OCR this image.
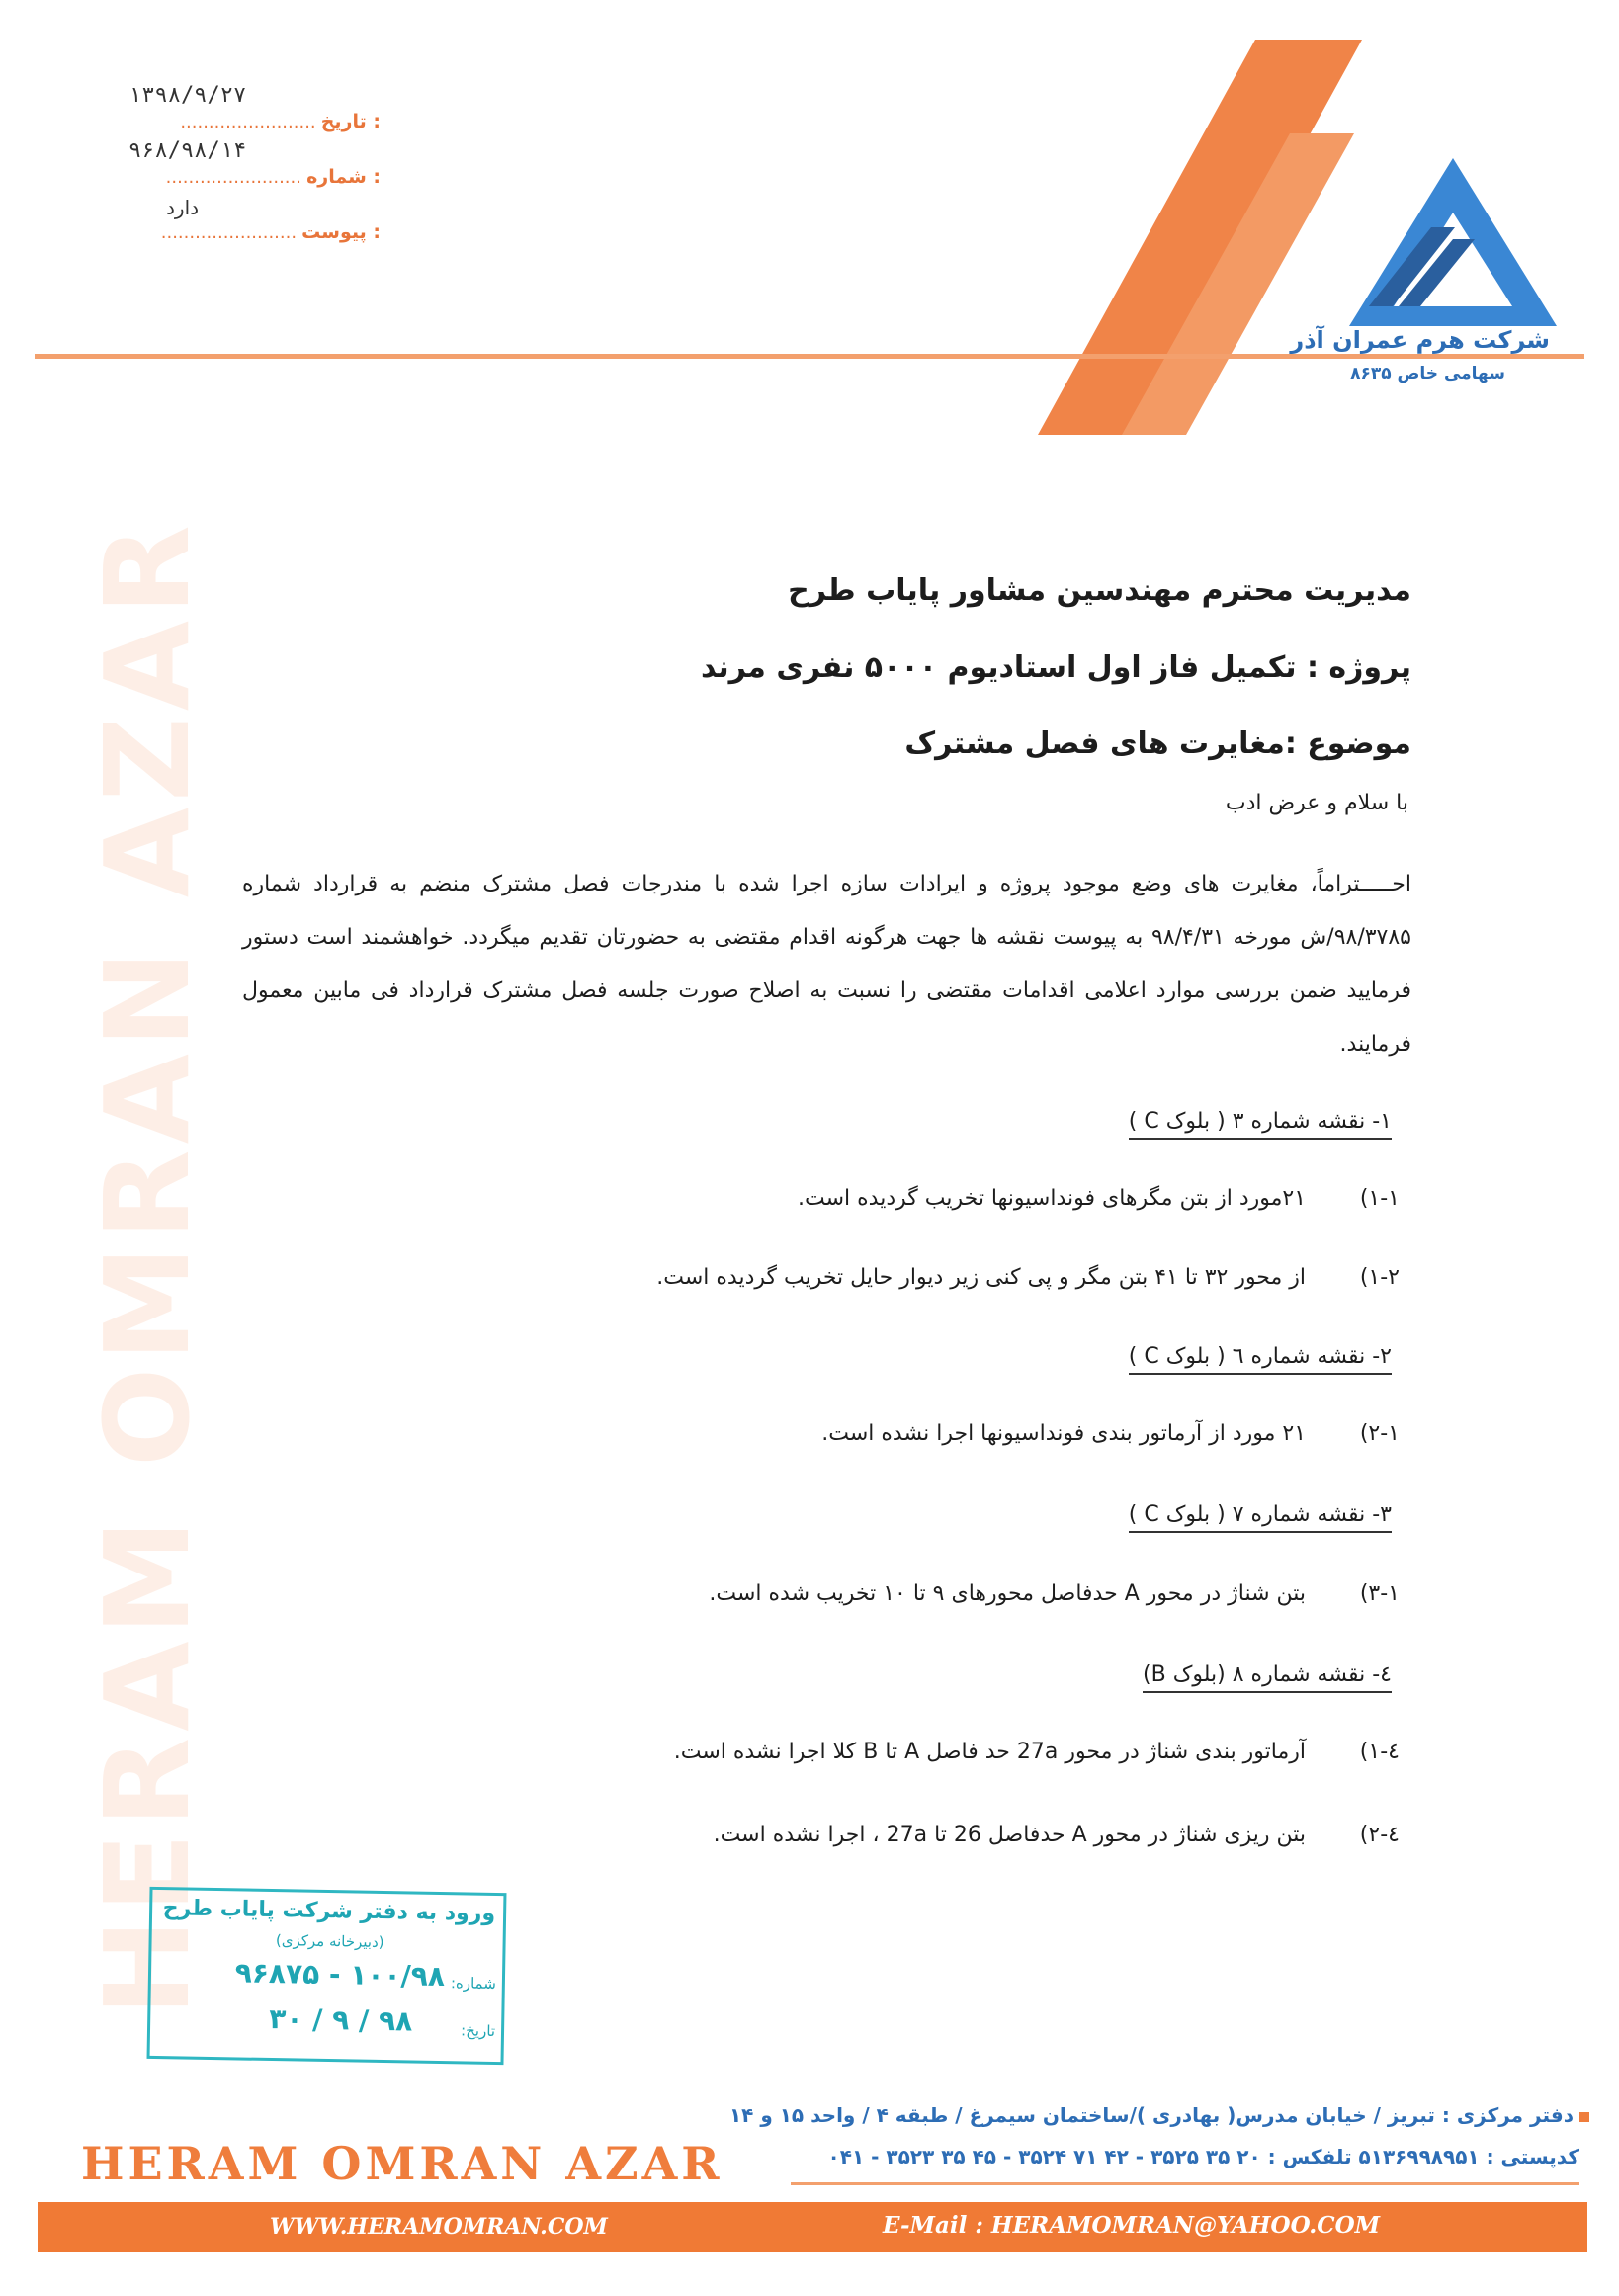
۱۳۹۸/۹/۲۷
........................ تاریخ :
۹۶۸/۹۸/۱۴
........................ شماره :
دارد
........................ پیوست :
شرکت هرم عمران آذر
سهامی خاص ۸۶۳۵
HERAM OMRAN AZAR	مدیریت محترم مهندسین مشاور پایاب طرح
پروژه : تکمیل فاز اول استادیوم ۵۰۰۰ نفری مرند
موضوع :مغایرت های فصل مشترک
با سلام و عرض ادب
احـــــتراماً، مغایرت های وضع موجود پروژه و ایرادات سازه اجرا شده با مندرجات فصل مشترک منضم به قرارداد شماره ۹۸/۳۷۸۵/ش مورخه ۹۸/۴/۳۱ به پیوست نقشه ها جهت هرگونه اقدام مقتضی به حضورتان تقدیم میگردد. خواهشمند است دستور فرمایید ضمن بررسی موارد اعلامی اقدامات مقتضی را نسبت به اصلاح صورت جلسه فصل مشترک قرارداد فی مابین معمول فرمایند.
۱- نقشه شماره ۳ ( بلوک C )
۱-۱)     ۲۱مورد از بتن مگرهای فونداسیونها تخریب گردیده است.
۱-۲)     از محور ۳۲ تا ۴۱ بتن مگر و پی کنی زیر دیوار حایل تخریب گردیده است.
۲- نقشه شماره ٦ ( بلوک C )
۲-۱)     ۲۱ مورد از آرماتور بندی فونداسیونها اجرا نشده است.
۳- نقشه شماره ۷ ( بلوک C )
۳-۱)     بتن شناژ در محور A حدفاصل محورهای ۹ تا ۱۰ تخریب شده است.
٤- نقشه شماره ۸ (بلوک B)
٤-۱)     آرماتور بندی شناژ در محور 27a حد فاصل A تا B کلا اجرا نشده است.
٤-۲)     بتن ریزی شناژ در محور A حدفاصل 26 تا 27a ، اجرا نشده است.
ورود به دفتر شرکت پایاب طرح
(دبیرخانه مرکزی)
شماره:
۱۰۰/۹۸ - ۹۶۸۷۵
تاریخ:
۹۸ / ۹ / ۳۰
دفتر مرکزی : تبریز / خیابان مدرس( بهادری )/ساختمان سیمرغ / طبقه ۴ / واحد ۱۵ و ۱۴
کدپستی : ۵۱۳۶۹۹۸۹۵۱ تلفکس : ۲۰ ۳۵ ۳۵۲۵ - ۴۲ ۷۱ ۳۵۲۴ - ۴۵ ۳۵ ۳۵۲۳ - ۰۴۱
HERAM OMRAN AZAR
WWW.HERAMOMRAN.COM	E-Mail : HERAMOMRAN@YAHOO.COM
